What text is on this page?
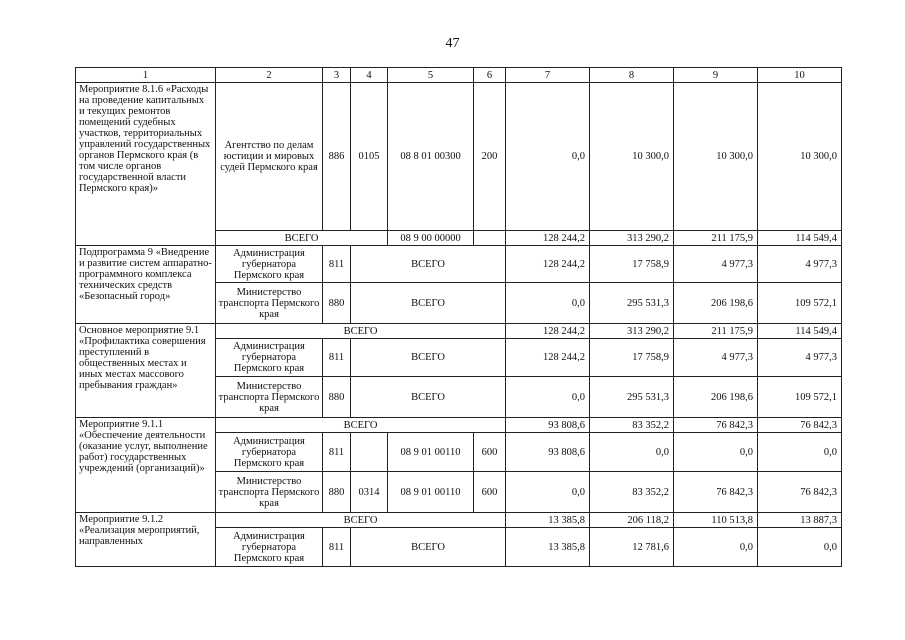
47
1	2	3	4	5	6	7	8	9	10
Мероприятие 8.1.6 «Расходы на проведение капитальных и текущих ремонтов помещений судебных участков, территориальных управлений государственных органов Пермского края (в том числе органов государственной власти Пермского края)»	Агентство по делам юстиции и мировых судей Пермского края	886	0105	08 8 01 00300	200	0,0	10 300,0	10 300,0	10 300,0
	ВСЕГО			08 9 00 00000		128 244,2	313 290,2	211 175,9	114 549,4
Подпрограмма 9 «Внедрение и развитие систем аппаратно-программного комплекса технических средств «Безопасный город»	Администрация губернатора Пермского края	811	ВСЕГО			128 244,2	17 758,9	4 977,3	4 977,3
	Министерство транспорта Пермского края	880	ВСЕГО			0,0	295 531,3	206 198,6	109 572,1
Основное мероприятие 9.1 «Профилактика совершения преступлений в общественных местах и иных местах массового пребывания граждан»	ВСЕГО					128 244,2	313 290,2	211 175,9	114 549,4
	Администрация губернатора Пермского края	811	ВСЕГО			128 244,2	17 758,9	4 977,3	4 977,3
	Министерство транспорта Пермского края	880	ВСЕГО			0,0	295 531,3	206 198,6	109 572,1
Мероприятие 9.1.1 «Обеспечение деятельности (оказание услуг, выполнение работ) государственных учреждений (организаций)»	ВСЕГО					93 808,6	83 352,2	76 842,3	76 842,3
	Администрация губернатора Пермского края	811		08 9 01 00110	600	93 808,6	0,0	0,0	0,0
	Министерство транспорта Пермского края	880	0314	08 9 01 00110	600	0,0	83 352,2	76 842,3	76 842,3
Мероприятие 9.1.2 «Реализация мероприятий, направленных	ВСЕГО					13 385,8	206 118,2	110 513,8	13 887,3
	Администрация губернатора Пермского края	811	ВСЕГО			13 385,8	12 781,6	0,0	0,0
